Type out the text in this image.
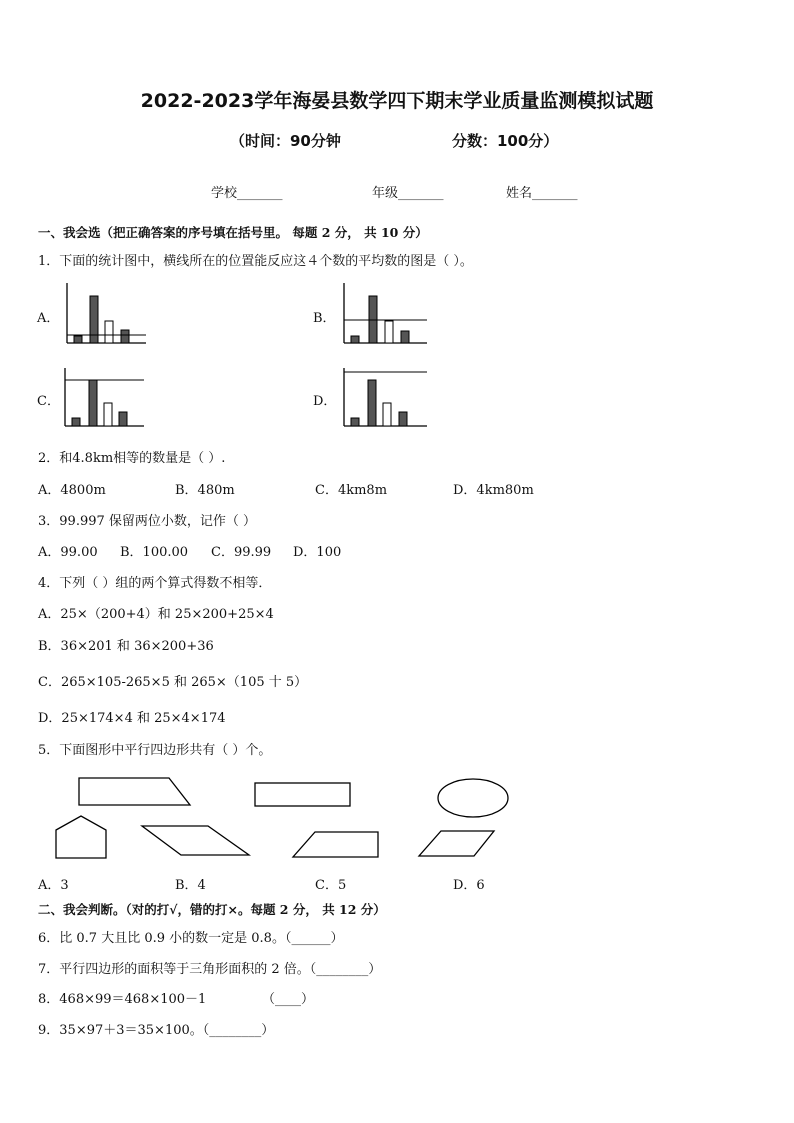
2022-2023学年海晏县数学四下期末学业质量监测模拟试题
（时间：90分钟	分数：100分）
学校_______	年级_______	姓名_______
一、我会选（把正确答案的序号填在括号里。 每题 2 分， 共 10 分）
1．下面的统计图中，横线所在的位置能反应这４个数的平均数的图是（ ）。
A．	B．
C．	D．
2．和4.8km相等的数量是（ ）.
A．4800m	B．480m	C．4km8m	D．4km80m
3．99.997 保留两位小数，记作（ ）
A．99.00 B．100.00 C．99.99 D．100
4．下列（ ）组的两个算式得数不相等．
A．25×（200+4）和 25×200+25×4
B．36×201 和 36×200+36
C．265×105-265×5 和 265×（105 十 5）
D．25×174×4 和 25×4×174
5．下面图形中平行四边形共有（ ）个。
A．3	B．4	C．5	D．6
二、我会判断。（对的打√，错的打×。每题 2 分， 共 12 分）
6．比 0.7 大且比 0.9 小的数一定是 0.8。（______）
7．平行四边形的面积等于三角形面积的 2 倍。（________）
8．468×99＝468×100－1	（____）
9．35×97＋3＝35×100。（________）
